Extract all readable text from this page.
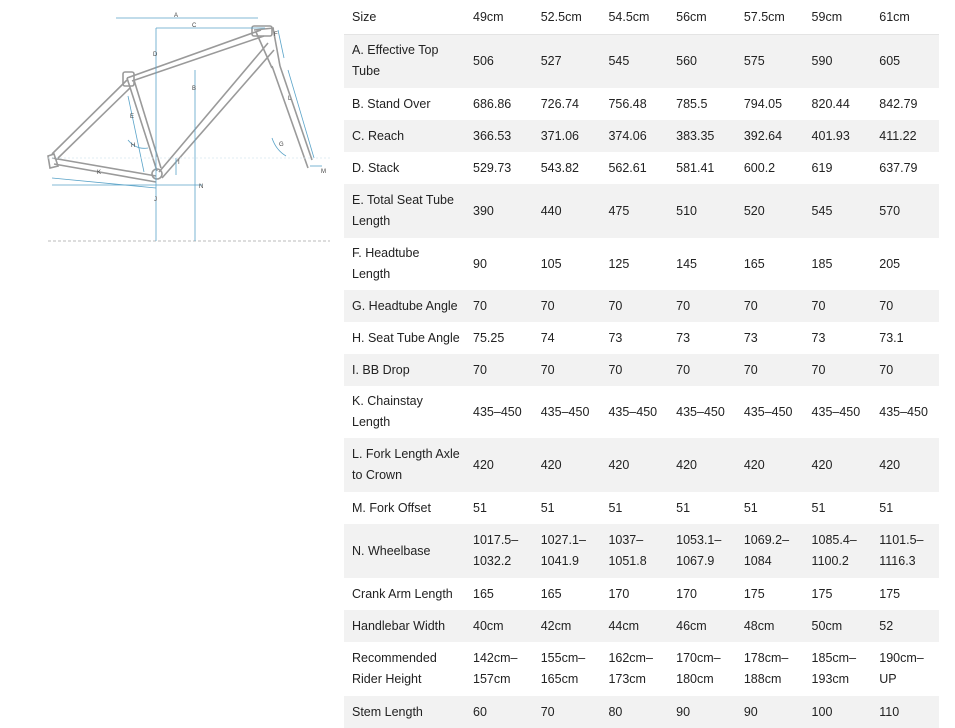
A
C
D
B
F
L
E
H	G
I
K
J
N
M
Size	49cm	52.5cm	54.5cm	56cm	57.5cm	59cm	61cm
A. Effective Top Tube	506	527	545	560	575	590	605
B. Stand Over	686.86	726.74	756.48	785.5	794.05	820.44	842.79
C. Reach	366.53	371.06	374.06	383.35	392.64	401.93	411.22
D. Stack	529.73	543.82	562.61	581.41	600.2	619	637.79
E. Total Seat Tube Length	390	440	475	510	520	545	570
F. Headtube Length	90	105	125	145	165	185	205
G. Headtube Angle	70	70	70	70	70	70	70
H. Seat Tube Angle	75.25	74	73	73	73	73	73.1
I. BB Drop	70	70	70	70	70	70	70
K. Chainstay Length	435–450	435–450	435–450	435–450	435–450	435–450	435–450
L. Fork Length Axle to Crown	420	420	420	420	420	420	420
M. Fork Offset	51	51	51	51	51	51	51
N. Wheelbase	1017.5–1032.2	1027.1–1041.9	1037–1051.8	1053.1–1067.9	1069.2–1084	1085.4–1100.2	1101.5–1116.3
Crank Arm Length	165	165	170	170	175	175	175
Handlebar Width	40cm	42cm	44cm	46cm	48cm	50cm	52
Recommended Rider Height	142cm–157cm	155cm–165cm	162cm–173cm	170cm–180cm	178cm–188cm	185cm–193cm	190cm–UP
Stem Length	60	70	80	90	90	100	110
